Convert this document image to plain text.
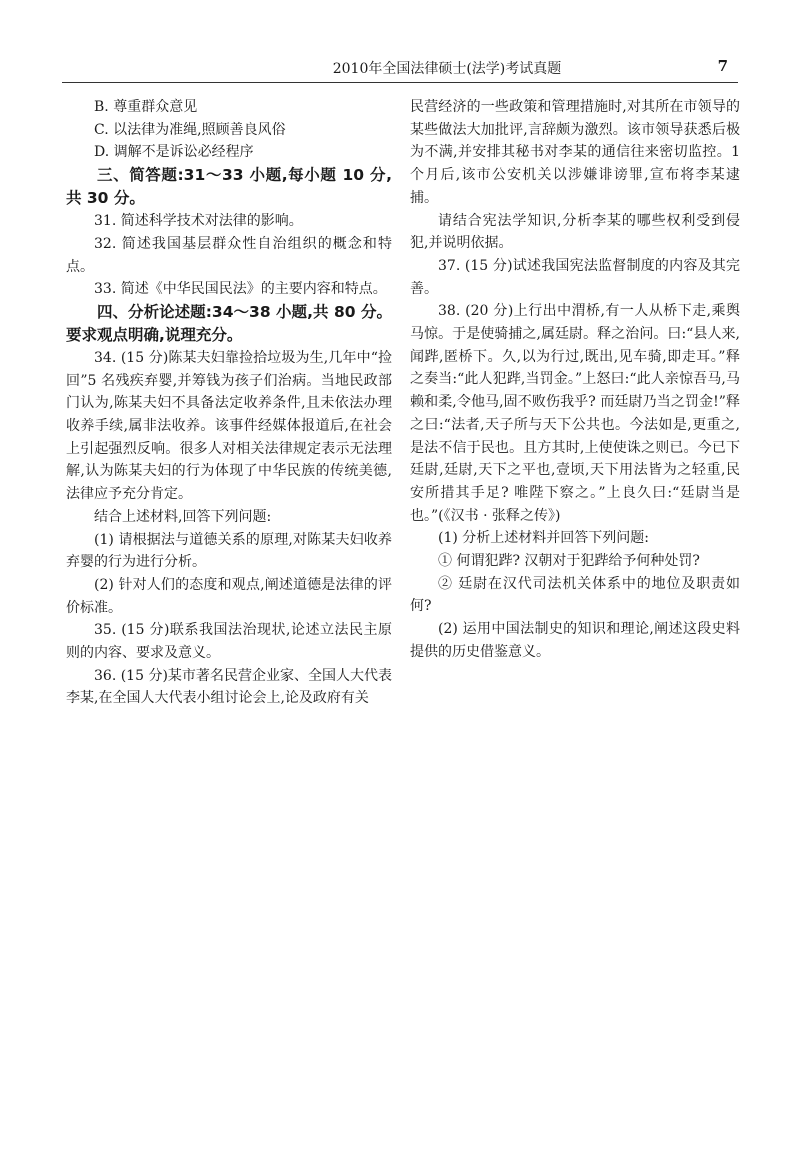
2010年全国法律硕士(法学)考试真题	7

B. 尊重群众意见

C. 以法律为准绳,照顾善良风俗

D. 调解不是诉讼必经程序

三、简答题:31～33 小题,每小题 10 分,共 30 分。

31. 简述科学技术对法律的影响。

32. 简述我国基层群众性自治组织的概念和特点。

33. 简述《中华民国民法》的主要内容和特点。

四、分析论述题:34～38 小题,共 80 分。要求观点明确,说理充分。

34. (15 分)陈某夫妇靠捡拾垃圾为生,几年中“捡回”5 名残疾弃婴,并筹钱为孩子们治病。当地民政部门认为,陈某夫妇不具备法定收养条件,且未依法办理收养手续,属非法收养。该事件经媒体报道后,在社会上引起强烈反响。很多人对相关法律规定表示无法理解,认为陈某夫妇的行为体现了中华民族的传统美德,法律应予充分肯定。

结合上述材料,回答下列问题:

(1) 请根据法与道德关系的原理,对陈某夫妇收养弃婴的行为进行分析。

(2) 针对人们的态度和观点,阐述道德是法律的评价标准。

35. (15 分)联系我国法治现状,论述立法民主原则的内容、要求及意义。

36. (15 分)某市著名民营企业家、全国人大代表李某,在全国人大代表小组讨论会上,论及政府有关

民营经济的一些政策和管理措施时,对其所在市领导的某些做法大加批评,言辞颇为激烈。该市领导获悉后极为不满,并安排其秘书对李某的通信往来密切监控。1 个月后,该市公安机关以涉嫌诽谤罪,宣布将李某逮捕。

请结合宪法学知识,分析李某的哪些权利受到侵犯,并说明依据。

37. (15 分)试述我国宪法监督制度的内容及其完善。

38. (20 分)上行出中渭桥,有一人从桥下走,乘舆马惊。于是使骑捕之,属廷尉。释之治问。曰:“县人来,闻跸,匿桥下。久,以为行过,既出,见车骑,即走耳。”释之奏当:“此人犯跸,当罚金。”上怒曰:“此人亲惊吾马,马赖和柔,令他马,固不败伤我乎? 而廷尉乃当之罚金!”释之曰:“法者,天子所与天下公共也。今法如是,更重之,是法不信于民也。且方其时,上使使诛之则已。今已下廷尉,廷尉,天下之平也,壹顷,天下用法皆为之轻重,民安所措其手足? 唯陛下察之。”上良久曰:“廷尉当是也。”(《汉书 · 张释之传》)

(1) 分析上述材料并回答下列问题:

① 何谓犯跸? 汉朝对于犯跸给予何种处罚?

② 廷尉在汉代司法机关体系中的地位及职责如何?

(2) 运用中国法制史的知识和理论,阐述这段史料提供的历史借鉴意义。
